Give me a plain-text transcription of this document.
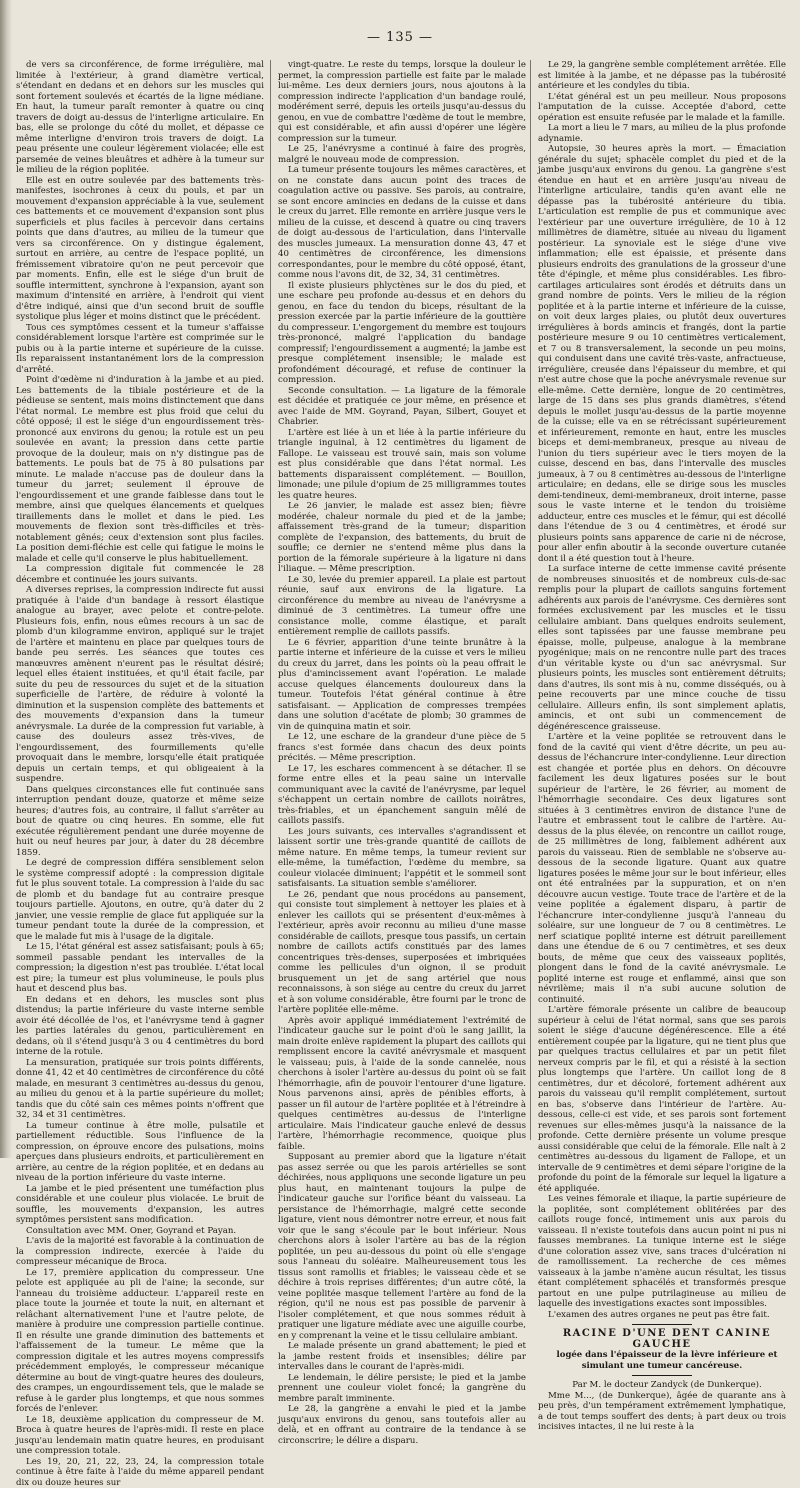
— 135 —

de vers sa circonférence, de forme irrégulière, mal limitée à l'extérieur, à grand diamètre vertical, s'étendant en dedans et en dehors sur les muscles qui sont fortement soulevés et écartés de la ligne médiane. En haut, la tumeur paraît remonter à quatre ou cinq travers de doigt au-dessus de l'interligne articulaire. En bas, elle se prolonge du côté du mollet, et dépasse ce même interligne d'environ trois travers de doigt. La peau présente une couleur légèrement violacée; elle est parsemée de veines bleuâtres et adhère à la tumeur sur le milieu de la région poplitée.

Elle est en outre soulevée par des battements très-manifestes, isochrones à ceux du pouls, et par un mouvement d'expansion appréciable à la vue, seulement ces battements et ce mouvement d'expansion sont plus superficiels et plus faciles à percevoir dans certains points que dans d'autres, au milieu de la tumeur que vers sa circonférence. On y distingue également, surtout en arrière, au centre de l'espace poplité, un frémissement vibratoire qu'on ne peut percevoir que par moments. Enfin, elle est le siége d'un bruit de souffle intermittent, synchrone à l'expansion, ayant son maximum d'intensité en arrière, à l'endroit qui vient d'être indiqué, ainsi que d'un second bruit de souffle systolique plus léger et moins distinct que le précédent.

Tous ces symptômes cessent et la tumeur s'affaisse considérablement lorsque l'artère est comprimée sur le pubis ou à la partie interne et supérieure de la cuisse. Ils reparaissent instantanément lors de la compression d'arrêté.

Point d'œdème ni d'induration à la jambe et au pied. Les battements de la tibiale postérieure et de la pédieuse se sentent, mais moins distinctement que dans l'état normal. Le membre est plus froid que celui du côté opposé; il est le siége d'un engourdissement très-prononcé aux environs du genou; la rotule est un peu soulevée en avant; la pression dans cette partie provoque de la douleur, mais on n'y distingue pas de battements. Le pouls bat de 75 à 80 pulsations par minute. Le malade n'accuse pas de douleur dans la tumeur du jarret; seulement il éprouve de l'engourdissement et une grande faiblesse dans tout le membre, ainsi que quelques élancements et quelques tiraillements dans le mollet et dans le pied. Les mouvements de flexion sont très-difficiles et très-notablement gênés; ceux d'extension sont plus faciles. La position demi-fléchie est celle qui fatigue le moins le malade et celle qu'il conserve le plus habituellement.

La compression digitale fut commencée le 28 décembre et continuée les jours suivants.

A diverses reprises, la compression indirecte fut aussi pratiquée à l'aide d'un bandage à ressort élastique analogue au brayer, avec pelote et contre-pelote. Plusieurs fois, enfin, nous eûmes recours à un sac de plomb d'un kilogramme environ, appliqué sur le trajet de l'artère et maintenu en place par quelques tours de bande peu serrés. Les séances que toutes ces manœuvres amènent n'eurent pas le résultat désiré; lequel elles étaient instituées, et qu'il était facile, par suite du peu de ressources du sujet et de la situation superficielle de l'artère, de réduire à volonté la diminution et la suspension complète des battements et des mouvements d'expansion dans la tumeur anévrysmale. La durée de la compression fut variable, à cause des douleurs assez très-vives, de l'engourdissement, des fourmillements qu'elle provoquait dans le membre, lorsqu'elle était pratiquée depuis un certain temps, et qui obligeaient à la suspendre.

Dans quelques circonstances elle fut continuée sans interruption pendant douze, quatorze et même seize heures; d'autres fois, au contraire, il fallut s'arrêter au bout de quatre ou cinq heures. En somme, elle fut exécutée régulièrement pendant une durée moyenne de huit ou neuf heures par jour, à dater du 28 décembre 1859.

Le degré de compression différa sensiblement selon le système compressif adopté : la compression digitale fut le plus souvent totale. La compression à l'aide du sac de plomb et du bandage fut au contraire presque toujours partielle. Ajoutons, en outre, qu'à dater du 2 janvier, une vessie remplie de glace fut appliquée sur la tumeur pendant toute la durée de la compression, et que le malade fut mis à l'usage de la digitale.

Le 15, l'état général est assez satisfaisant; pouls à 65; sommeil passable pendant les intervalles de la compression; la digestion n'est pas troublée. L'état local est pire; la tumeur est plus volumineuse, le pouls plus haut et descend plus bas.

En dedans et en dehors, les muscles sont plus distendus; la partie inférieure du vaste interne semble avoir été décollée de l'os, et l'anévrysme tend à gagner les parties latérales du genou, particulièrement en dedans, où il s'étend jusqu'à 3 ou 4 centimètres du bord interne de la rotule.

La mensuration, pratiquée sur trois points différents, donne 41, 42 et 40 centimètres de circonférence du côté malade, en mesurant 3 centimètres au-dessus du genou, au milieu du genou et à la partie supérieure du mollet; tandis que du côté sain ces mêmes points n'offrent que 32, 34 et 31 centimètres.

La tumeur continue à être molle, pulsatile et partiellement réductible. Sous l'influence de la compression, on éprouve encore des pulsations, moins aperçues dans plusieurs endroits, et particulièrement en arrière, au centre de la région poplitée, et en dedans au niveau de la portion inférieure du vaste interne.

La jambe et le pied présentent une tuméfaction plus considérable et une couleur plus violacée. Le bruit de souffle, les mouvements d'expansion, les autres symptômes persistent sans modification.

Consultation avec MM. Oner, Goyrand et Payan.

L'avis de la majorité est favorable à la continuation de la compression indirecte, exercée à l'aide du compresseur mécanique de Broca.

Le 17, première application du compresseur. Une pelote est appliquée au pli de l'aine; la seconde, sur l'anneau du troisième adducteur. L'appareil reste en place toute la journée et toute la nuit, en alternant et relâchant alternativement l'une et l'autre pelote, de manière à produire une compression partielle continue. Il en résulte une grande diminution des battements et l'affaissement de la tumeur. Le même que la compression digitale et les autres moyens compressifs précédemment employés, le compresseur mécanique détermine au bout de vingt-quatre heures des douleurs, des crampes, un engourdissement tels, que le malade se refuse à le garder plus longtemps, et que nous sommes forcés de l'enlever.

Le 18, deuxième application du compresseur de M. Broca à quatre heures de l'après-midi. Il reste en place jusqu'au lendemain matin quatre heures, en produisant une compression totale.

Les 19, 20, 21, 22, 23, 24, la compression totale continue à être faite à l'aide du même appareil pendant dix ou douze heures sur

vingt-quatre. Le reste du temps, lorsque la douleur le permet, la compression partielle est faite par le malade lui-même. Les deux derniers jours, nous ajoutons à la compression indirecte l'application d'un bandage roulé, modérément serré, depuis les orteils jusqu'au-dessus du genou, en vue de combattre l'œdème de tout le membre, qui est considérable, et afin aussi d'opérer une légère compression sur la tumeur.

Le 25, l'anévrysme a continué à faire des progrès, malgré le nouveau mode de compression.

La tumeur présente toujours les mêmes caractères, et on ne constate dans aucun point des traces de coagulation active ou passive. Ses parois, au contraire, se sont encore amincies en dedans de la cuisse et dans le creux du jarret. Elle remonte en arrière jusque vers le milieu de la cuisse, et descend à quatre ou cinq travers de doigt au-dessous de l'articulation, dans l'intervalle des muscles jumeaux. La mensuration donne 43, 47 et 40 centimètres de circonférence, les dimensions correspondantes, pour le membre du côté opposé, étant, comme nous l'avons dit, de 32, 34, 31 centimètres.

Il existe plusieurs phlyctènes sur le dos du pied, et une eschare peu profonde au-dessus et en dehors du genou, en face du tendon du biceps, résultant de la pression exercée par la partie inférieure de la gouttière du compresseur. L'engorgement du membre est toujours très-prononcé, malgré l'application du bandage compressif; l'engourdissement a augmenté; la jambe est presque complétement insensible; le malade est profondément découragé, et refuse de continuer la compression.

Seconde consultation. — La ligature de la fémorale est décidée et pratiquée ce jour même, en présence et avec l'aide de MM. Goyrand, Payan, Silbert, Gouyet et Chabrier.

L'artère est liée à un et liée à la partie inférieure du triangle inguinal, à 12 centimètres du ligament de Fallope. Le vaisseau est trouvé sain, mais son volume est plus considérable que dans l'état normal. Les battements disparaissent complétement. — Bouillon, limonade; une pilule d'opium de 25 milligrammes toutes les quatre heures.

Le 26 janvier, le malade est assez bien; fièvre modérée, chaleur normale du pied et de la jambe; affaissement très-grand de la tumeur; disparition complète de l'expansion, des battements, du bruit de souffle; ce dernier ne s'entend même plus dans la portion de la fémorale supérieure à la ligature ni dans l'iliaque. — Même prescription.

Le 30, levée du premier appareil. La plaie est partout réunie, sauf aux environs de la ligature. La circonférence du membre au niveau de l'anévrysme a diminué de 3 centimètres. La tumeur offre une consistance molle, comme élastique, et paraît entièrement remplie de caillots passifs.

Le 6 février, apparition d'une teinte brunâtre à la partie interne et inférieure de la cuisse et vers le milieu du creux du jarret, dans les points où la peau offrait le plus d'amincissement avant l'opération. Le malade accuse quelques élancements douloureux dans la tumeur. Toutefois l'état général continue à être satisfaisant. — Application de compresses trempées dans une solution d'acétate de plomb; 30 grammes de vin de quinquina matin et soir.

Le 12, une eschare de la grandeur d'une pièce de 5 francs s'est formée dans chacun des deux points précités. — Même prescription.

Le 17, les eschares commencent à se détacher. Il se forme entre elles et la peau saine un intervalle communiquant avec la cavité de l'anévrysme, par lequel s'échappent un certain nombre de caillots noirâtres, très-friables, et un épanchement sanguin mêlé de caillots passifs.

Les jours suivants, ces intervalles s'agrandissent et laissent sortir une très-grande quantité de caillots de même nature. En même temps, la tumeur revient sur elle-même, la tuméfaction, l'œdème du membre, sa couleur violacée diminuent; l'appétit et le sommeil sont satisfaisants. La situation semble s'améliorer.

Le 26, pendant que nous procédons au pansement, qui consiste tout simplement à nettoyer les plaies et à enlever les caillots qui se présentent d'eux-mêmes à l'extérieur, après avoir reconnu au milieu d'une masse considérable de caillots, presque tous passifs, un certain nombre de caillots actifs constitués par des lames concentriques très-denses, superposées et imbriquées comme les pellicules d'un oignon, il se produit brusquement un jet de sang artériel que nous reconnaissons, à son siége au centre du creux du jarret et à son volume considérable, être fourni par le tronc de l'artère poplitée elle-même.

Après avoir appliqué immédiatement l'extrémité de l'indicateur gauche sur le point d'où le sang jaillit, la main droite enlève rapidement la plupart des caillots qui remplissent encore la cavité anévrysmale et masquent le vaisseau; puis, à l'aide de la sonde cannelée, nous cherchons à isoler l'artère au-dessus du point où se fait l'hémorrhagie, afin de pouvoir l'entourer d'une ligature. Nous parvenons ainsi, après de pénibles efforts, à passer un fil autour de l'artère poplitée et à l'étreindre à quelques centimètres au-dessus de l'interligne articulaire. Mais l'indicateur gauche enlevé de dessus l'artère, l'hémorrhagie recommence, quoique plus faible.

Supposant au premier abord que la ligature n'était pas assez serrée ou que les parois artérielles se sont déchirées, nous appliquons une seconde ligature un peu plus haut, en maintenant toujours la pulpe de l'indicateur gauche sur l'orifice béant du vaisseau. La persistance de l'hémorrhagie, malgré cette seconde ligature, vient nous démontrer notre erreur, et nous fait voir que le sang s'écoule par le bout inférieur. Nous cherchons alors à isoler l'artère au bas de la région poplitée, un peu au-dessous du point où elle s'engage sous l'anneau du soléaire. Malheureusement tous les tissus sont ramollis et friables; le vaisseau cède et se déchire à trois reprises différentes; d'un autre côté, la veine poplitée masque tellement l'artère au fond de la région, qu'il ne nous est pas possible de parvenir à l'isoler complétement, et que nous sommes réduit à pratiquer une ligature médiate avec une aiguille courbe, en y comprenant la veine et le tissu cellulaire ambiant.

Le malade présente un grand abattement; le pied et la jambe restent froids et insensibles; délire par intervalles dans le courant de l'après-midi.

Le lendemain, le délire persiste; le pied et la jambe prennent une couleur violet foncé; la gangrène du membre paraît imminente.

Le 28, la gangrène a envahi le pied et la jambe jusqu'aux environs du genou, sans toutefois aller au delà, et en offrant au contraire de la tendance à se circonscrire; le délire a disparu.

Le 29, la gangrène semble complétement arrêtée. Elle est limitée à la jambe, et ne dépasse pas la tubérosité antérieure et les condyles du tibia.

L'état général est un peu meilleur. Nous proposons l'amputation de la cuisse. Acceptée d'abord, cette opération est ensuite refusée par le malade et la famille.

La mort a lieu le 7 mars, au milieu de la plus profonde adynamie.

Autopsie, 30 heures après la mort. — Émaciation générale du sujet; sphacèle complet du pied et de la jambe jusqu'aux environs du genou. La gangrène s'est étendue en haut et en arrière jusqu'au niveau de l'interligne articulaire, tandis qu'en avant elle ne dépasse pas la tubérosité antérieure du tibia. L'articulation est remplie de pus et communique avec l'extérieur par une ouverture irrégulière, de 10 à 12 millimètres de diamètre, située au niveau du ligament postérieur. La synoviale est le siége d'une vive inflammation; elle est épaissie, et présente dans plusieurs endroits des granulations de la grosseur d'une tête d'épingle, et même plus considérables. Les fibro-cartilages articulaires sont érodés et détruits dans un grand nombre de points. Vers le milieu de la région poplitée et à la partie interne et inférieure de la cuisse, on voit deux larges plaies, ou plutôt deux ouvertures irrégulières à bords amincis et frangés, dont la partie postérieure mesure 9 ou 10 centimètres verticalement, et 7 ou 8 transversalement, la seconde un peu moins, qui conduisent dans une cavité très-vaste, anfractueuse, irrégulière, creusée dans l'épaisseur du membre, et qui n'est autre chose que la poche anévrysmale revenue sur elle-même. Cette dernière, longue de 20 centimètres, large de 15 dans ses plus grands diamètres, s'étend depuis le mollet jusqu'au-dessus de la partie moyenne de la cuisse; elle va en se rétrécissant supérieurement et inférieurement, remonte en haut, entre les muscles biceps et demi-membraneux, presque au niveau de l'union du tiers supérieur avec le tiers moyen de la cuisse, descend en bas, dans l'intervalle des muscles jumeaux, à 7 ou 8 centimètres au-dessous de l'interligne articulaire; en dedans, elle se dirige sous les muscles demi-tendineux, demi-membraneux, droit interne, passe sous le vaste interne et le tendon du troisième adducteur, entre ces muscles et le fémur, qui est décollé dans l'étendue de 3 ou 4 centimètres, et érodé sur plusieurs points sans apparence de carie ni de nécrose, pour aller enfin aboutir à la seconde ouverture cutanée dont il a été question tout à l'heure.

La surface interne de cette immense cavité présente de nombreuses sinuosités et de nombreux culs-de-sac remplis pour la plupart de caillots sanguins fortement adhérents aux parois de l'anévrysme. Ces dernières sont formées exclusivement par les muscles et le tissu cellulaire ambiant. Dans quelques endroits seulement, elles sont tapissées par une fausse membrane peu épaisse, molle, pulpeuse, analogue à la membrane pyogénique; mais on ne rencontre nulle part des traces d'un véritable kyste ou d'un sac anévrysmal. Sur plusieurs points, les muscles sont entièrement détruits; dans d'autres, ils sont mis à nu, comme disséqués, ou à peine recouverts par une mince couche de tissu cellulaire. Ailleurs enfin, ils sont simplement aplatis, amincis, et ont subi un commencement de dégénérescence graisseuse.

L'artère et la veine poplitée se retrouvent dans le fond de la cavité qui vient d'être décrite, un peu au-dessus de l'échancrure inter-condylienne. Leur direction est changée et portée plus en dehors. On découvre facilement les deux ligatures posées sur le bout supérieur de l'artère, le 26 février, au moment de l'hémorrhagie secondaire. Ces deux ligatures sont situées à 3 centimètres environ de distance l'une de l'autre et embrassent tout le calibre de l'artère. Au-dessus de la plus élevée, on rencontre un caillot rouge, de 25 millimètres de long, faiblement adhérent aux parois du vaisseau. Rien de semblable ne s'observe au-dessous de la seconde ligature. Quant aux quatre ligatures posées le même jour sur le bout inférieur, elles ont été entraînées par la suppuration, et on n'en découvre aucun vestige. Toute trace de l'artère et de la veine poplitée a également disparu, à partir de l'échancrure inter-condylienne jusqu'à l'anneau du soléaire, sur une longueur de 7 ou 8 centimètres. Le nerf sciatique poplité interne est détruit pareillement dans une étendue de 6 ou 7 centimètres, et ses deux bouts, de même que ceux des vaisseaux poplités, plongent dans le fond de la cavité anévrysmale. Le poplité interne est rouge et enflammé, ainsi que son névrilème; mais il n'a subi aucune solution de continuité.

L'artère fémorale présente un calibre de beaucoup supérieur à celui de l'état normal, sans que ses parois soient le siége d'aucune dégénérescence. Elle a été entièrement coupée par la ligature, qui ne tient plus que par quelques tractus cellulaires et par un petit filet nerveux compris par le fil, et qui a résisté à la section plus longtemps que l'artère. Un caillot long de 8 centimètres, dur et décoloré, fortement adhérent aux parois du vaisseau qu'il remplit complétement, surtout en bas, s'observe dans l'intérieur de l'artère. Au-dessous, celle-ci est vide, et ses parois sont fortement revenues sur elles-mêmes jusqu'à la naissance de la profonde. Cette dernière présente un volume presque aussi considérable que celui de la fémorale. Elle naît à 2 centimètres au-dessous du ligament de Fallope, et un intervalle de 9 centimètres et demi sépare l'origine de la profonde du point de la fémorale sur lequel la ligature a été appliquée.

Les veines fémorale et iliaque, la partie supérieure de la poplitée, sont complétement oblitérées par des caillots rouge foncé, intimement unis aux parois du vaisseau. Il n'existe toutefois dans aucun point ni pus ni fausses membranes. La tunique interne est le siége d'une coloration assez vive, sans traces d'ulcération ni de ramollissement. La recherche de ces mêmes vaisseaux à la jambe n'amène aucun résultat, les tissus étant complétement sphacélés et transformés presque partout en une pulpe putrilagineuse au milieu de laquelle des investigations exactes sont impossibles.

L'examen des autres organes ne peut pas être fait.

RACINE D'UNE DENT CANINE GAUCHE

logée dans l'épaisseur de la lèvre inférieure et simulant une tumeur cancéreuse.

Par M. le docteur Zandyck (de Dunkerque).

Mme M..., (de Dunkerque), âgée de quarante ans à peu près, d'un tempérament extrêmement lymphatique, a de tout temps souffert des dents; à part deux ou trois incisives intactes, il ne lui reste à la
